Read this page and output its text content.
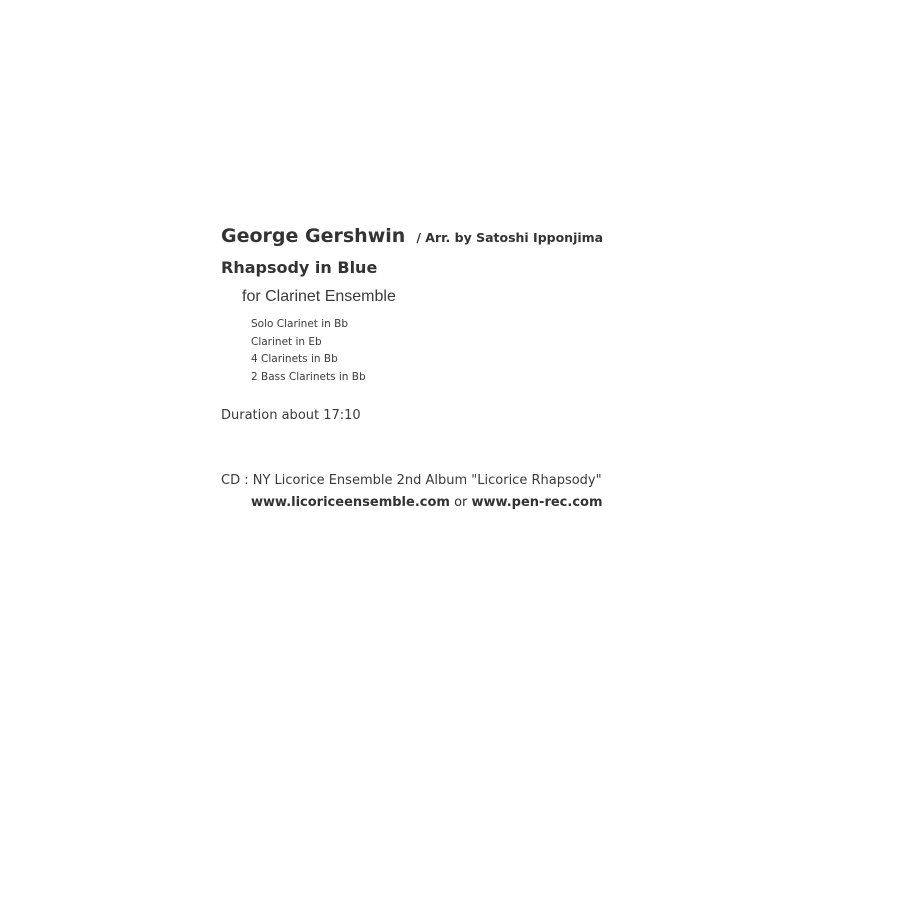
George Gershwin / Arr. by Satoshi Ipponjima
Rhapsody in Blue
for Clarinet Ensemble
Solo Clarinet in Bb
Clarinet in Eb
4 Clarinets in Bb
2 Bass Clarinets in Bb
Duration about 17:10
CD : NY Licorice Ensemble 2nd Album "Licorice Rhapsody"
www.licoriceensemble.com or www.pen-rec.com
